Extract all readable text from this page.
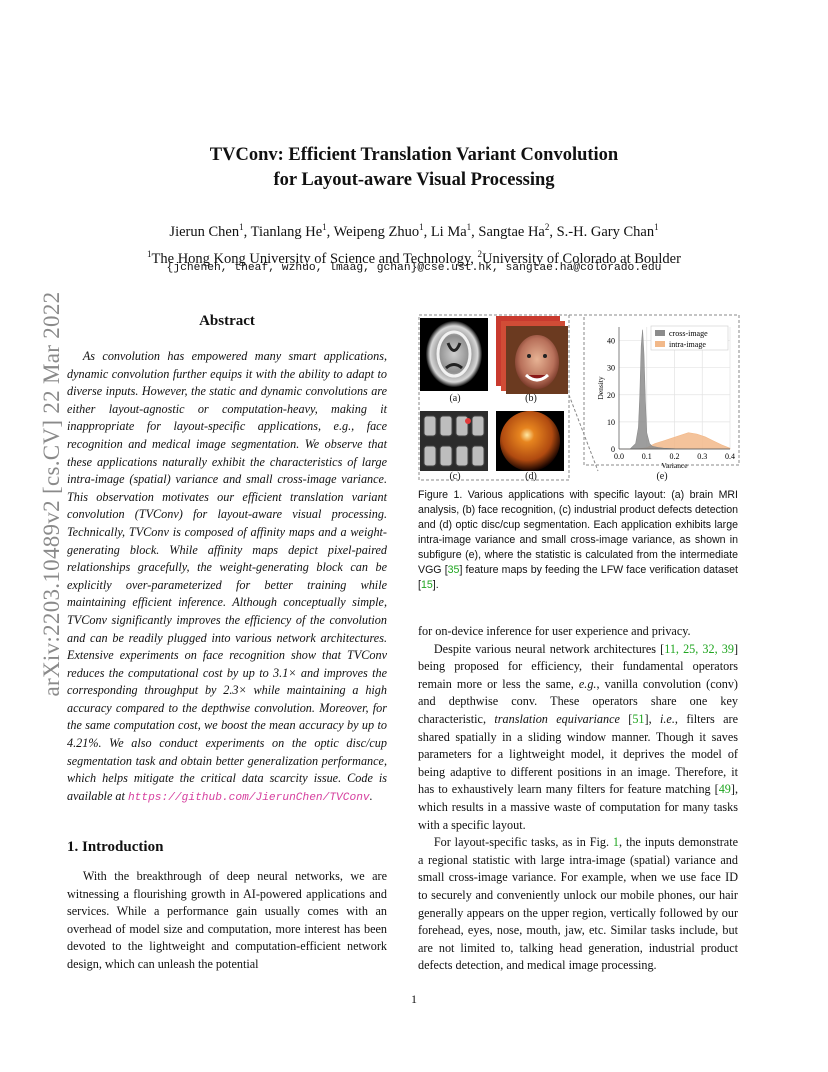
arXiv:2203.10489v2 [cs.CV] 22 Mar 2022
TVConv: Efficient Translation Variant Convolution
for Layout-aware Visual Processing
Jierun Chen$^1$, Tianlang He$^1$, Weipeng Zhuo$^1$, Li Ma$^1$, Sangtae Ha$^2$, S.-H. Gary Chan$^1$
$^1$The Hong Kong University of Science and Technology, $^2$University of Colorado at Boulder
{jcheneh, theaf, wzhuo, lmaag, gchan}@cse.ust.hk, sangtae.ha@colorado.edu
Abstract

As convolution has empowered many smart applications, dynamic convolution further equips it with the ability to adapt to diverse inputs. However, the static and dynamic convolutions are either layout-agnostic or computation-heavy, making it inappropriate for layout-specific applications, e.g., face recognition and medical image segmentation. We observe that these applications naturally exhibit the characteristics of large intra-image (spatial) variance and small cross-image variance. This observation motivates our efficient translation variant convolution (TVConv) for layout-aware visual processing. Technically, TVConv is composed of affinity maps and a weight-generating block. While affinity maps depict pixel-paired relationships gracefully, the weight-generating block can be explicitly over-parameterized for better training while maintaining efficient inference. Although conceptually simple, TVConv significantly improves the efficiency of the convolution and can be readily plugged into various network architectures. Extensive experiments on face recognition show that TVConv reduces the computational cost by up to 3.1× and improves the corresponding throughput by 2.3× while maintaining a high accuracy compared to the depthwise convolution. Moreover, for the same computation cost, we boost the mean accuracy by up to 4.21%. We also conduct experiments on the optic disc/cup segmentation task and obtain better generalization performance, which helps mitigate the critical data scarcity issue. Code is available at https://github.com/JierunChen/TVConv.

1. Introduction

With the breakthrough of deep neural networks, we are witnessing a flourishing growth in AI-powered applications and services. While a performance gain usually comes with an overhead of model size and computation, more interest has been devoted to the lightweight and computation-efficient network design, which can unleash the potential

0
10
20
30
40
0.0 0.1 0.2 0.3 0.4
Variance
Density
cross-image
intra-image
(a)	(b)
(c)	(d)	(e)
Figure 1. Various applications with specific layout: (a) brain MRI analysis, (b) face recognition, (c) industrial product defects detection and (d) optic disc/cup segmentation. Each application exhibits large intra-image variance and small cross-image variance, as shown in subfigure (e), where the statistic is calculated from the intermediate VGG [35] feature maps by feeding the LFW face verification dataset [15].

for on-device inference for user experience and privacy.

Despite various neural network architectures [11, 25, 32, 39] being proposed for efficiency, their fundamental operators remain more or less the same, e.g., vanilla convolution (conv) and depthwise conv. These operators share one key characteristic, translation equivariance [51], i.e., filters are shared spatially in a sliding window manner. Though it saves parameters for a lightweight model, it deprives the model of being adaptive to different positions in an image. Therefore, it has to exhaustively learn many filters for feature matching [49], which results in a massive waste of computation for many tasks with a specific layout.

For layout-specific tasks, as in Fig. 1, the inputs demonstrate a regional statistic with large intra-image (spatial) variance and small cross-image variance. For example, when we use face ID to securely and conveniently unlock our mobile phones, our hair generally appears on the upper region, vertically followed by our forehead, eyes, nose, mouth, jaw, etc. Similar tasks include, but are not limited to, talking head generation, industrial product defects detection, and medical image processing.

1
